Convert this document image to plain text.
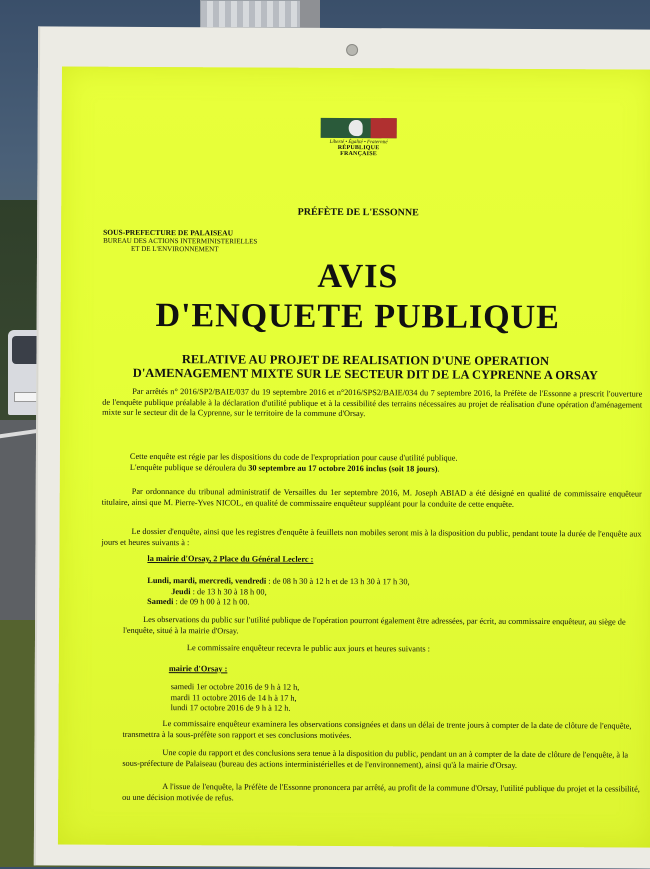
Liberté • Égalité • Fraternité
RÉPUBLIQUE FRANÇAISE
PRÉFÈTE DE L'ESSONNE
SOUS-PREFECTURE DE PALAISEAU
BUREAU DES ACTIONS INTERMINISTERIELLES
ET DE L'ENVIRONNEMENT
AVIS
D'ENQUETE PUBLIQUE
RELATIVE AU PROJET DE REALISATION D'UNE OPERATION
D'AMENAGEMENT MIXTE SUR LE SECTEUR DIT DE LA CYPRENNE A ORSAY
Par arrêtés n° 2016/SP2/BAIE/037 du 19 septembre 2016 et n°2016/SPS2/BAIE/034 du 7 septembre 2016, la Préfète de l'Essonne a prescrit l'ouverture de l'enquête publique préalable à la déclaration d'utilité publique et à la cessibilité des terrains nécessaires au projet de réalisation d'une opération d'aménagement mixte sur le secteur dit de la Cyprenne, sur le territoire de la commune d'Orsay.
Cette enquête est régie par les dispositions du code de l'expropriation pour cause d'utilité publique.
L'enquête publique se déroulera du 30 septembre au 17 octobre 2016 inclus (soit 18 jours).
Par ordonnance du tribunal administratif de Versailles du 1er septembre 2016, M. Joseph ABIAD a été désigné en qualité de commissaire enquêteur titulaire, ainsi que M. Pierre-Yves NICOL, en qualité de commissaire enquêteur suppléant pour la conduite de cette enquête.
Le dossier d'enquête, ainsi que les registres d'enquête à feuillets non mobiles seront mis à la disposition du public, pendant toute la durée de l'enquête aux jours et heures suivants à :
la mairie d'Orsay, 2 Place du Général Leclerc :
Lundi, mardi, mercredi, vendredi : de 08 h 30 à 12 h et de 13 h 30 à 17 h 30,
Jeudi : de 13 h 30 à 18 h 00,
Samedi : de 09 h 00 à 12 h 00.
Les observations du public sur l'utilité publique de l'opération pourront également être adressées, par écrit, au commissaire enquêteur, au siège de l'enquête, situé à la mairie d'Orsay.
Le commissaire enquêteur recevra le public aux jours et heures suivants :
mairie d'Orsay :
samedi 1er octobre 2016 de 9 h à 12 h,
mardi 11 octobre 2016 de 14 h à 17 h,
lundi 17 octobre 2016 de 9 h à 12 h.
Le commissaire enquêteur examinera les observations consignées et dans un délai de trente jours à compter de la date de clôture de l'enquête, transmettra à la sous-préfète son rapport et ses conclusions motivées.
Une copie du rapport et des conclusions sera tenue à la disposition du public, pendant un an à compter de la date de clôture de l'enquête, à la sous-préfecture de Palaiseau (bureau des actions interministérielles et de l'environnement), ainsi qu'à la mairie d'Orsay.
A l'issue de l'enquête, la Préfète de l'Essonne prononcera par arrêté, au profit de la commune d'Orsay, l'utilité publique du projet et la cessibilité, ou une décision motivée de refus.
